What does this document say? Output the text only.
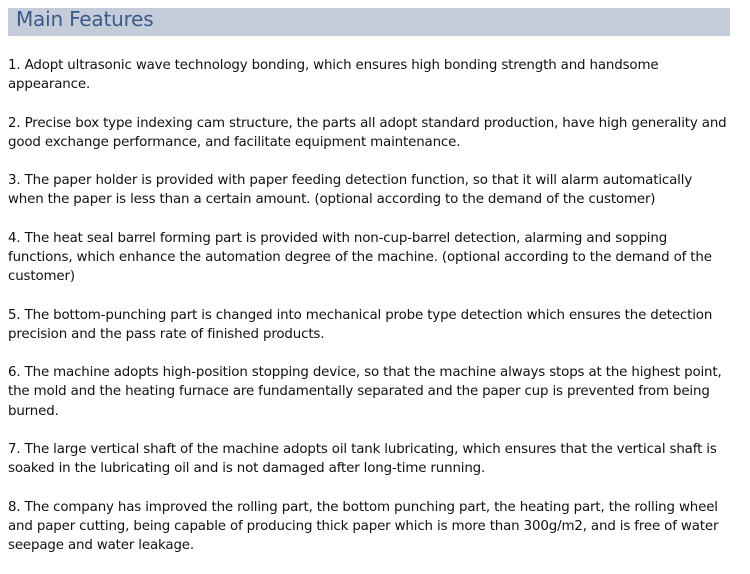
Main Features
1. Adopt ultrasonic wave technology bonding, which ensures high bonding strength and handsome appearance.
2. Precise box type indexing cam structure, the parts all adopt standard production, have high generality and good exchange performance, and facilitate equipment maintenance.
3. The paper holder is provided with paper feeding detection function, so that it will alarm automatically when the paper is less than a certain amount. (optional according to the demand of the customer)
4. The heat seal barrel forming part is provided with non-cup-barrel detection, alarming and sopping functions, which enhance the automation degree of the machine. (optional according to the demand of the customer)
5. The bottom-punching part is changed into mechanical probe type detection which ensures the detection precision and the pass rate of finished products.
6. The machine adopts high-position stopping device, so that the machine always stops at the highest point, the mold and the heating furnace are fundamentally separated and the paper cup is prevented from being burned.
7. The large vertical shaft of the machine adopts oil tank lubricating, which ensures that the vertical shaft is soaked in the lubricating oil and is not damaged after long-time running.
8. The company has improved the rolling part, the bottom punching part, the heating part, the rolling wheel and paper cutting, being capable of producing thick paper which is more than 300g/m2, and is free of water seepage and water leakage.
